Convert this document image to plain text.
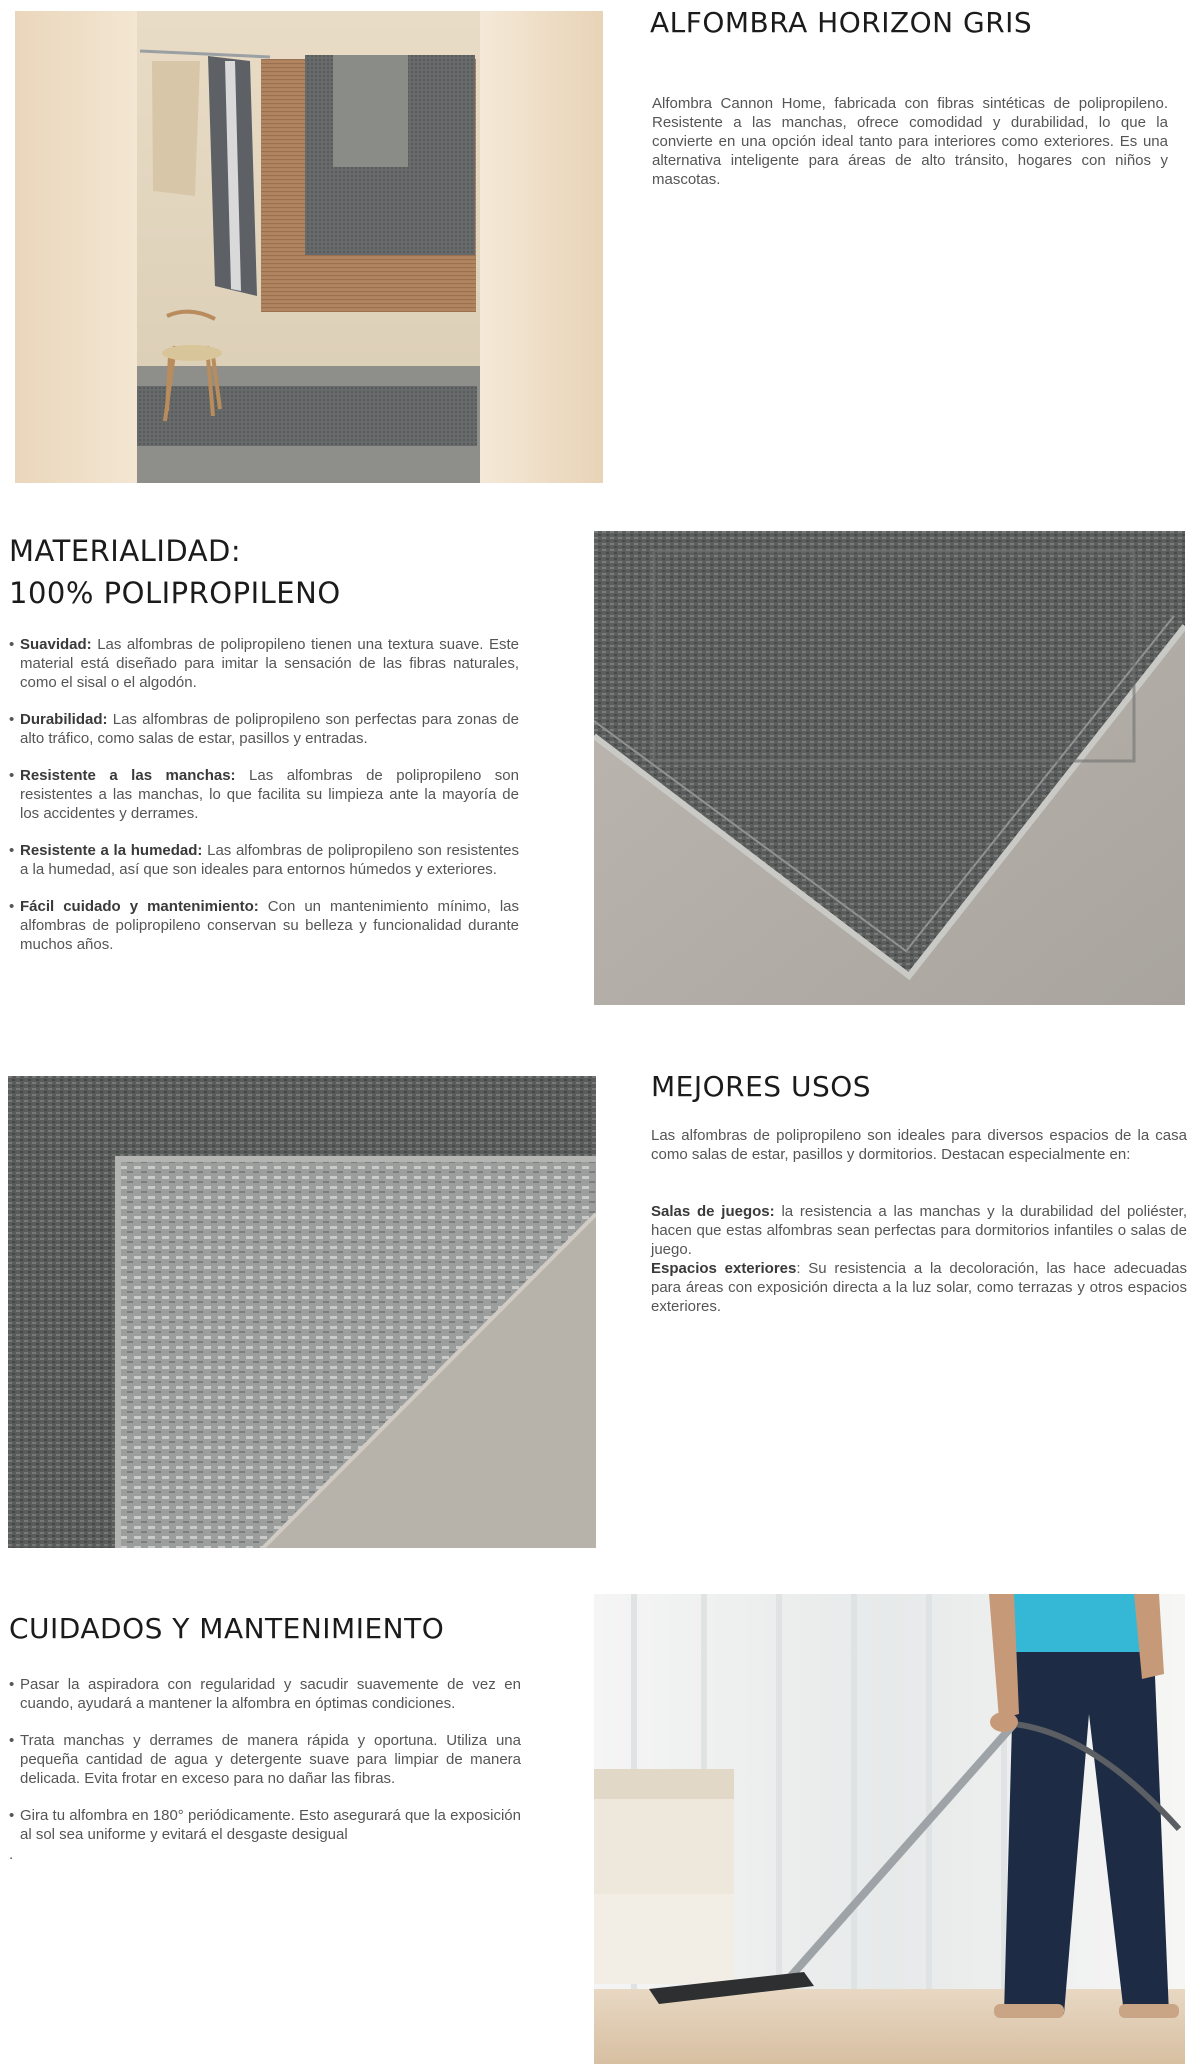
ALFOMBRA HORIZON GRIS

Alfombra Cannon Home, fabricada con fibras sintéticas de polipropileno. Resistente a las manchas, ofrece comodidad y durabilidad, lo que la convierte en una opción ideal tanto para interiores como exteriores. Es una alternativa inteligente para áreas de alto tránsito, hogares con niños y mascotas.

MATERIALIDAD:
100% POLIPROPILENO
• Suavidad: Las alfombras de polipropileno tienen una textura suave. Este material está diseñado para imitar la sensación de las fibras naturales, como el sisal o el algodón.
• Durabilidad: Las alfombras de polipropileno son perfectas para zonas de alto tráfico, como salas de estar, pasillos y entradas.
• Resistente a las manchas: Las alfombras de polipropileno son resistentes a las manchas, lo que facilita su limpieza ante la mayoría de los accidentes y derrames.
• Resistente a la humedad: Las alfombras de polipropileno son resistentes a la humedad, así que son ideales para entornos húmedos y exteriores.
• Fácil cuidado y mantenimiento: Con un mantenimiento mínimo, las alfombras de polipropileno conservan su belleza y funcionalidad durante muchos años.
MEJORES USOS

Las alfombras de polipropileno son ideales para diversos espacios de la casa como salas de estar, pasillos y dormitorios. Destacan especialmente en:

Salas de juegos: la resistencia a las manchas y la durabilidad del poliéster, hacen que estas alfombras sean perfectas para dormitorios infantiles o salas de juego.

Espacios exteriores: Su resistencia a la decoloración, las hace adecuadas para áreas con exposición directa a la luz solar, como terrazas y otros espacios exteriores.

CUIDADOS Y MANTENIMIENTO
• Pasar la aspiradora con regularidad y sacudir suavemente de vez en cuando, ayudará a mantener la alfombra en óptimas condiciones.
• Trata manchas y derrames de manera rápida y oportuna. Utiliza una pequeña cantidad de agua y detergente suave para limpiar de manera delicada. Evita frotar en exceso para no dañar las fibras.
• Gira tu alfombra en 180° periódicamente. Esto asegurará que la exposición al sol sea uniforme y evitará el desgaste desigual
.
